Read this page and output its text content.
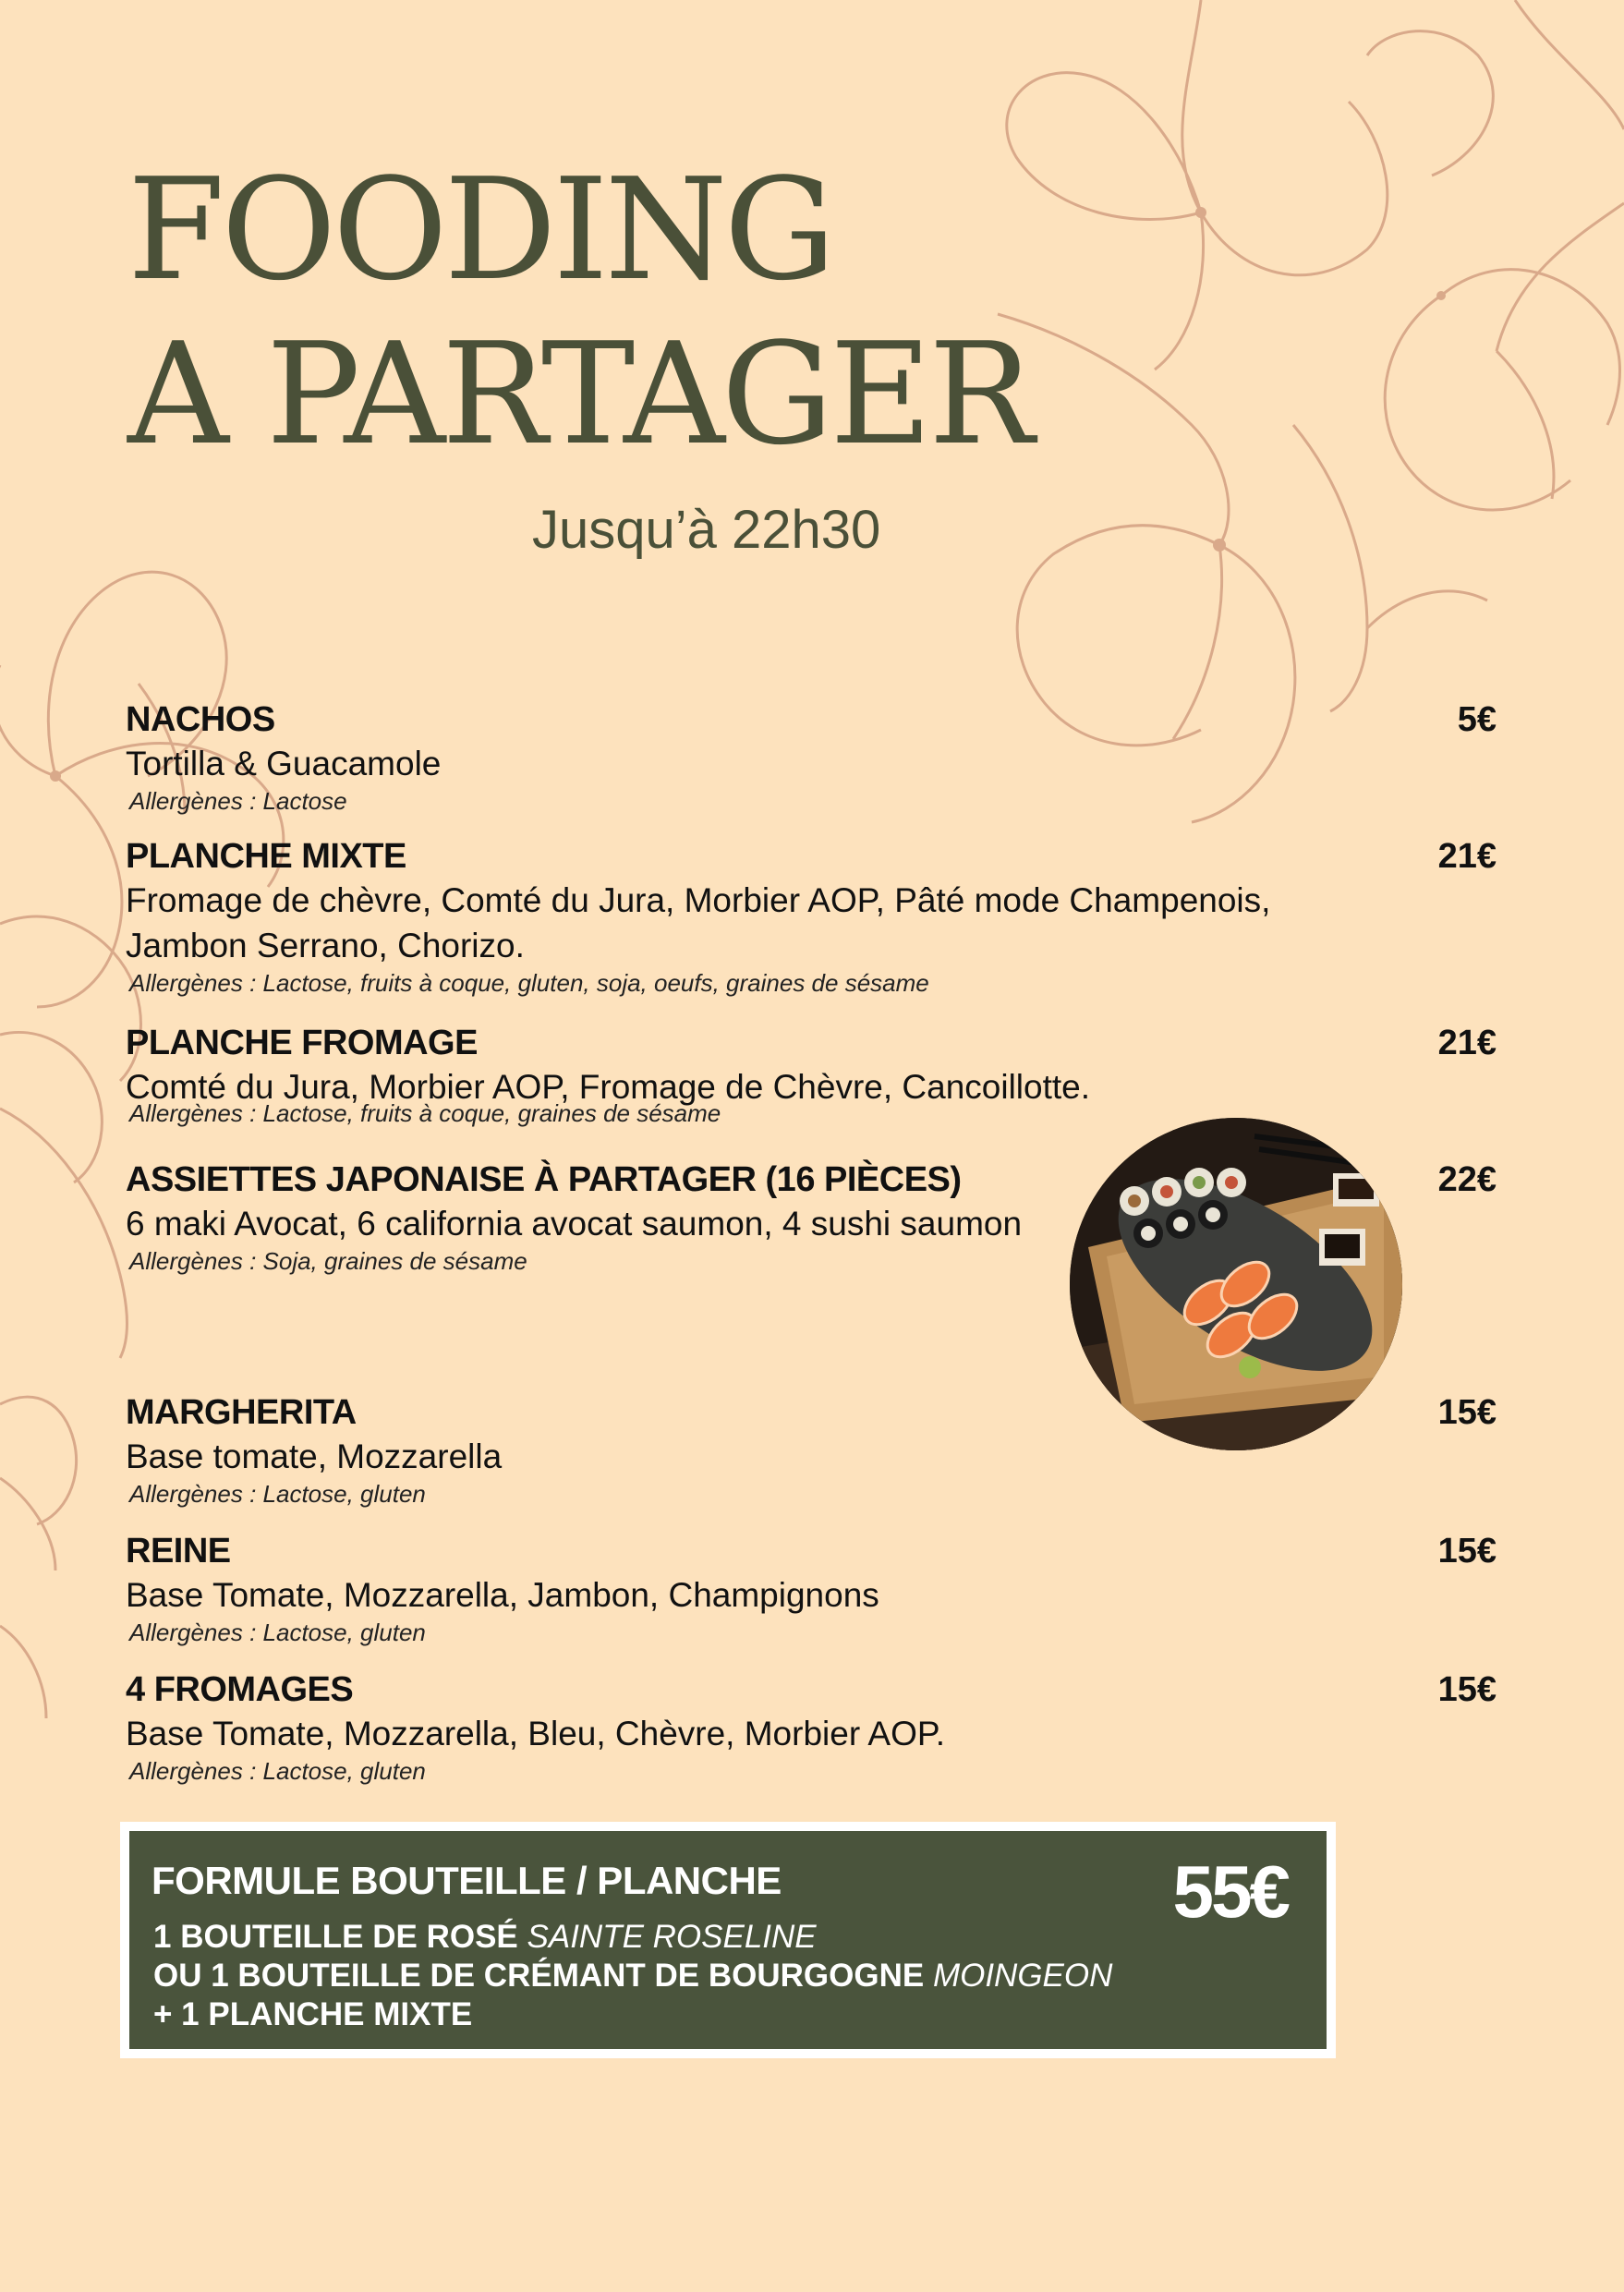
FOODING
A PARTAGER
Jusqu’à 22h30
NACHOS	5€
Tortilla & Guacamole
Allergènes : Lactose
PLANCHE MIXTE	21€
Fromage de chèvre, Comté du Jura, Morbier AOP, Pâté mode Champenois, Jambon Serrano, Chorizo.
Allergènes : Lactose, fruits à coque, gluten, soja, oeufs, graines de sésame
PLANCHE FROMAGE	21€
Comté du Jura, Morbier AOP, Fromage de Chèvre, Cancoillotte.
Allergènes : Lactose, fruits à coque, graines de sésame
ASSIETTES JAPONAISE À PARTAGER (16 PIÈCES)	22€
6 maki Avocat, 6 california avocat saumon, 4 sushi saumon
Allergènes : Soja, graines de sésame
MARGHERITA	15€
Base tomate, Mozzarella
Allergènes : Lactose, gluten
REINE	15€
Base Tomate, Mozzarella, Jambon, Champignons
Allergènes : Lactose, gluten
4 FROMAGES	15€
Base Tomate, Mozzarella, Bleu, Chèvre, Morbier AOP.
Allergènes : Lactose, gluten
FORMULE BOUTEILLE / PLANCHE	55€
1 BOUTEILLE DE ROSÉ SAINTE ROSELINE
OU 1 BOUTEILLE DE CRÉMANT DE BOURGOGNE MOINGEON
+ 1 PLANCHE MIXTE
